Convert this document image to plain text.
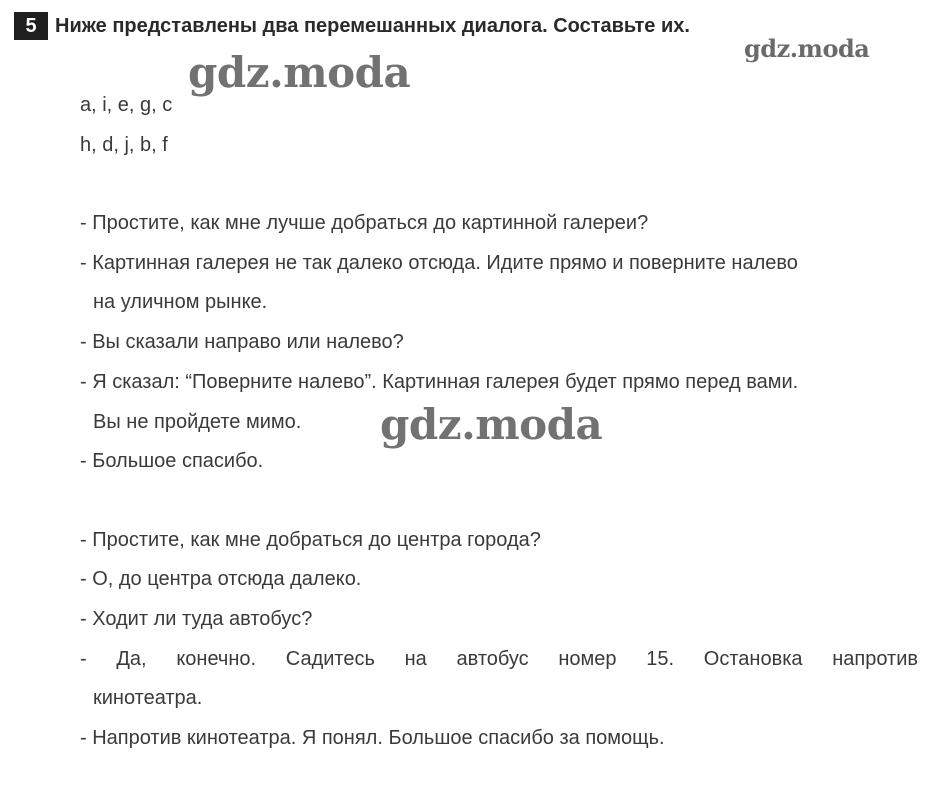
5 Ниже представлены два перемешанных диалога. Составьте их.
gdz.moda
gdz.moda
gdz.moda
a, i, e, g, c
h, d, j, b, f
- Простите, как мне лучше добраться до картинной галереи?
- Картинная галерея не так далеко отсюда. Идите прямо и поверните налево
на уличном рынке.
- Вы сказали направо или налево?
- Я сказал: “Поверните налево”. Картинная галерея будет прямо перед вами.
Вы не пройдете мимо.
- Большое спасибо.
- Простите, как мне добраться до центра города?
- О, до центра отсюда далеко.
- Ходит ли туда автобус?
- Да, конечно. Садитесь на автобус номер 15. Остановка напротив
кинотеатра.
- Напротив кинотеатра. Я понял. Большое спасибо за помощь.
